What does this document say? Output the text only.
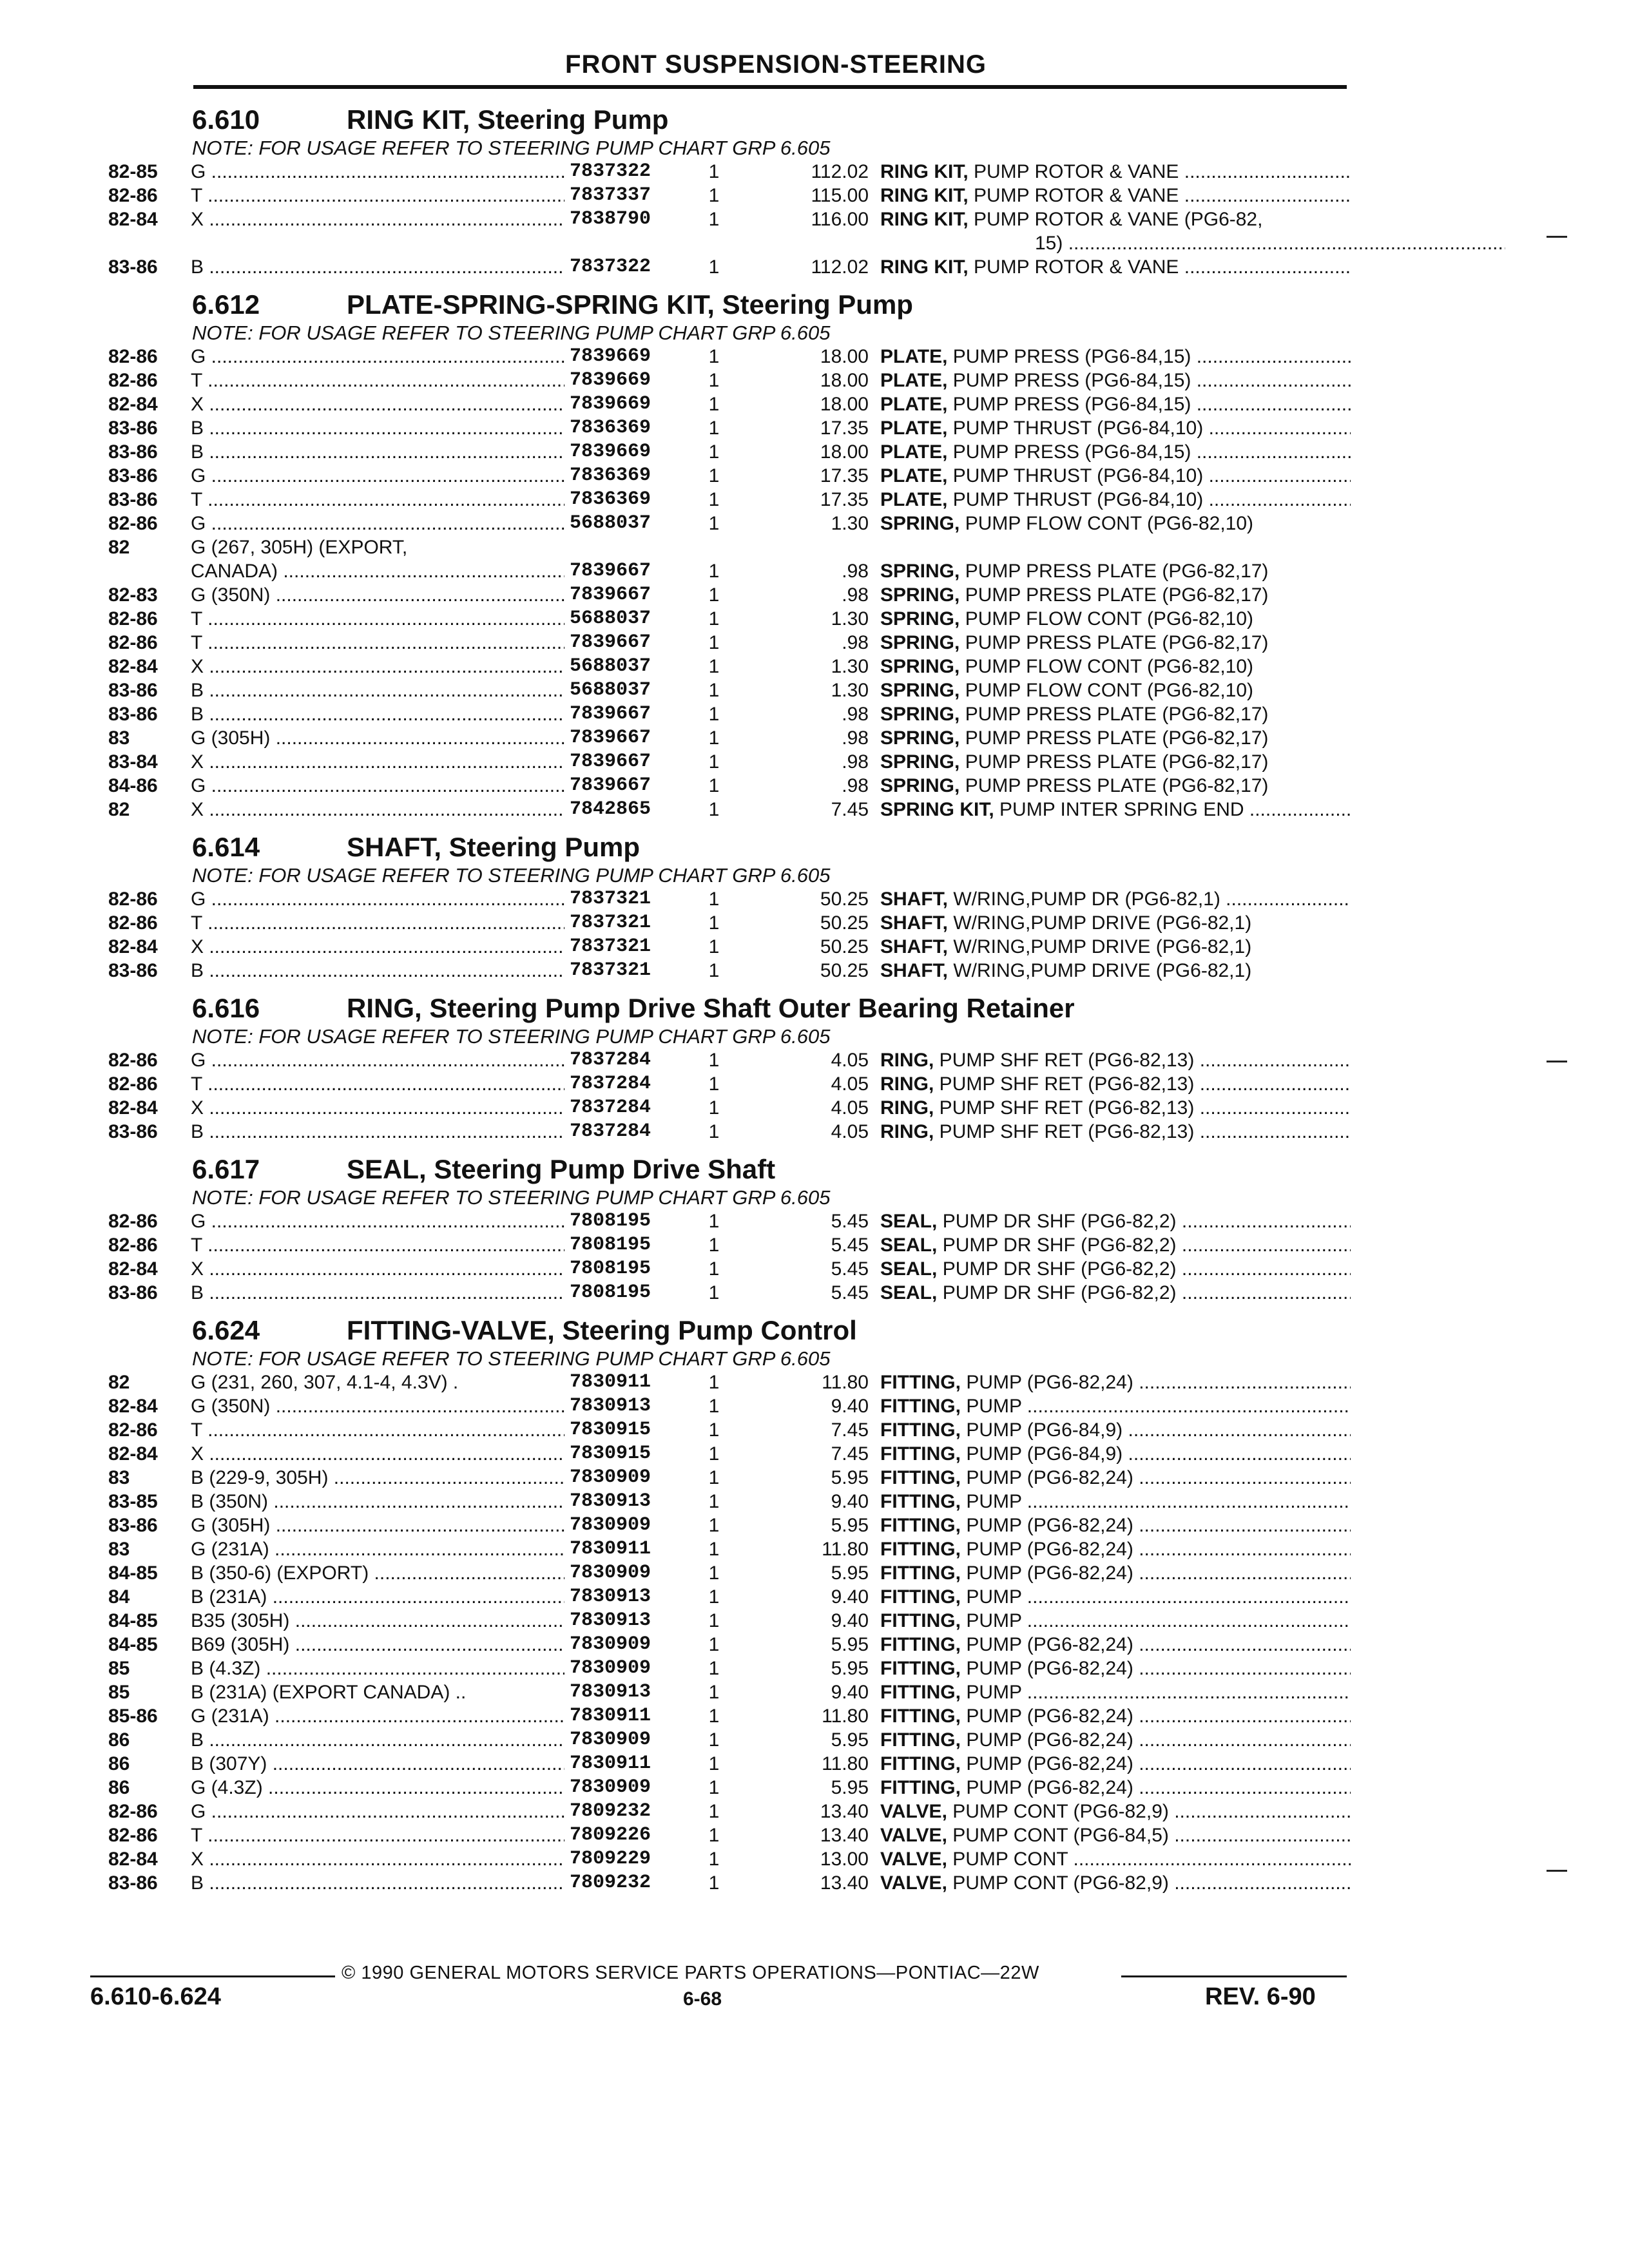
FRONT SUSPENSION-STEERING
6.610	RING KIT, Steering Pump
NOTE: FOR USAGE REFER TO STEERING PUMP CHART GRP 6.605
82-85	G .....	7837322	1	112.02 RING KIT, PUMP ROTOR & VANE .....
82-86	T .....	7837337	1	115.00 RING KIT, PUMP ROTOR & VANE .....
82-84	X .....	7838790	1	116.00 RING KIT, PUMP ROTOR & VANE (PG6-82,
15) .....
83-86	B .....	7837322	1	112.02 RING KIT, PUMP ROTOR & VANE .....
6.612	PLATE-SPRING-SPRING KIT, Steering Pump
NOTE: FOR USAGE REFER TO STEERING PUMP CHART GRP 6.605
82-86	G .....	7839669	1	18.00 PLATE, PUMP PRESS (PG6-84,15) .....
82-86	T .....	7839669	1	18.00 PLATE, PUMP PRESS (PG6-84,15) .....
82-84	X .....	7839669	1	18.00 PLATE, PUMP PRESS (PG6-84,15) .....
83-86	B .....	7836369	1	17.35 PLATE, PUMP THRUST (PG6-84,10) .....
83-86	B .....	7839669	1	18.00 PLATE, PUMP PRESS (PG6-84,15) .....
83-86	G .....	7836369	1	17.35 PLATE, PUMP THRUST (PG6-84,10) .....
83-86	T .....	7836369	1	17.35 PLATE, PUMP THRUST (PG6-84,10) .....
82-86	G .....	5688037	1	1.30 SPRING, PUMP FLOW CONT (PG6-82,10)
82	G (267, 305H) (EXPORT,
CANADA) .....	7839667	1	.98 SPRING, PUMP PRESS PLATE (PG6-82,17)
82-83	G (350N) .....	7839667	1	.98 SPRING, PUMP PRESS PLATE (PG6-82,17)
82-86	T .....	5688037	1	1.30 SPRING, PUMP FLOW CONT (PG6-82,10)
82-86	T .....	7839667	1	.98 SPRING, PUMP PRESS PLATE (PG6-82,17)
82-84	X .....	5688037	1	1.30 SPRING, PUMP FLOW CONT (PG6-82,10)
83-86	B .....	5688037	1	1.30 SPRING, PUMP FLOW CONT (PG6-82,10)
83-86	B .....	7839667	1	.98 SPRING, PUMP PRESS PLATE (PG6-82,17)
83	G (305H) .....	7839667	1	.98 SPRING, PUMP PRESS PLATE (PG6-82,17)
83-84	X .....	7839667	1	.98 SPRING, PUMP PRESS PLATE (PG6-82,17)
84-86	G .....	7839667	1	.98 SPRING, PUMP PRESS PLATE (PG6-82,17)
82	X .....	7842865	1	7.45 SPRING KIT, PUMP INTER SPRING END .....
6.614	SHAFT, Steering Pump
NOTE: FOR USAGE REFER TO STEERING PUMP CHART GRP 6.605
82-86	G .....	7837321	1	50.25 SHAFT, W/RING,PUMP DR (PG6-82,1) .....
82-86	T .....	7837321	1	50.25 SHAFT, W/RING,PUMP DRIVE (PG6-82,1)
82-84	X .....	7837321	1	50.25 SHAFT, W/RING,PUMP DRIVE (PG6-82,1)
83-86	B .....	7837321	1	50.25 SHAFT, W/RING,PUMP DRIVE (PG6-82,1)
6.616	RING, Steering Pump Drive Shaft Outer Bearing Retainer
NOTE: FOR USAGE REFER TO STEERING PUMP CHART GRP 6.605
82-86	G .....	7837284	1	4.05 RING, PUMP SHF RET (PG6-82,13) .....
82-86	T .....	7837284	1	4.05 RING, PUMP SHF RET (PG6-82,13) .....
82-84	X .....	7837284	1	4.05 RING, PUMP SHF RET (PG6-82,13) .....
83-86	B .....	7837284	1	4.05 RING, PUMP SHF RET (PG6-82,13) .....
6.617	SEAL, Steering Pump Drive Shaft
NOTE: FOR USAGE REFER TO STEERING PUMP CHART GRP 6.605
82-86	G .....	7808195	1	5.45 SEAL, PUMP DR SHF (PG6-82,2) .....
82-86	T .....	7808195	1	5.45 SEAL, PUMP DR SHF (PG6-82,2) .....
82-84	X .....	7808195	1	5.45 SEAL, PUMP DR SHF (PG6-82,2) .....
83-86	B .....	7808195	1	5.45 SEAL, PUMP DR SHF (PG6-82,2) .....
6.624	FITTING-VALVE, Steering Pump Control
NOTE: FOR USAGE REFER TO STEERING PUMP CHART GRP 6.605
82	G (231, 260, 307, 4.1-4, 4.3V) .	7830911	1	11.80 FITTING, PUMP (PG6-82,24) .....
82-84	G (350N) .....	7830913	1	9.40 FITTING, PUMP .....
82-86	T .....	7830915	1	7.45 FITTING, PUMP (PG6-84,9) .....
82-84	X .....	7830915	1	7.45 FITTING, PUMP (PG6-84,9) .....
83	B (229-9, 305H) .....	7830909	1	5.95 FITTING, PUMP (PG6-82,24) .....
83-85	B (350N) .....	7830913	1	9.40 FITTING, PUMP .....
83-86	G (305H) .....	7830909	1	5.95 FITTING, PUMP (PG6-82,24) .....
83	G (231A) .....	7830911	1	11.80 FITTING, PUMP (PG6-82,24) .....
84-85	B (350-6) (EXPORT) .....	7830909	1	5.95 FITTING, PUMP (PG6-82,24) .....
84	B (231A) .....	7830913	1	9.40 FITTING, PUMP .....
84-85	B35 (305H) .....	7830913	1	9.40 FITTING, PUMP .....
84-85	B69 (305H) .....	7830909	1	5.95 FITTING, PUMP (PG6-82,24) .....
85	B (4.3Z) .....	7830909	1	5.95 FITTING, PUMP (PG6-82,24) .....
85	B (231A) (EXPORT CANADA) ..	7830913	1	9.40 FITTING, PUMP .....
85-86	G (231A) .....	7830911	1	11.80 FITTING, PUMP (PG6-82,24) .....
86	B .....	7830909	1	5.95 FITTING, PUMP (PG6-82,24) .....
86	B (307Y) .....	7830911	1	11.80 FITTING, PUMP (PG6-82,24) .....
86	G (4.3Z) .....	7830909	1	5.95 FITTING, PUMP (PG6-82,24) .....
82-86	G .....	7809232	1	13.40 VALVE, PUMP CONT (PG6-82,9) .....
82-86	T .....	7809226	1	13.40 VALVE, PUMP CONT (PG6-84,5) .....
82-84	X .....	7809229	1	13.00 VALVE, PUMP CONT .....
83-86	B .....	7809232	1	13.40 VALVE, PUMP CONT (PG6-82,9) .....
© 1990 GENERAL MOTORS SERVICE PARTS OPERATIONS—PONTIAC—22W
6.610-6.624	6-68	REV. 6-90
